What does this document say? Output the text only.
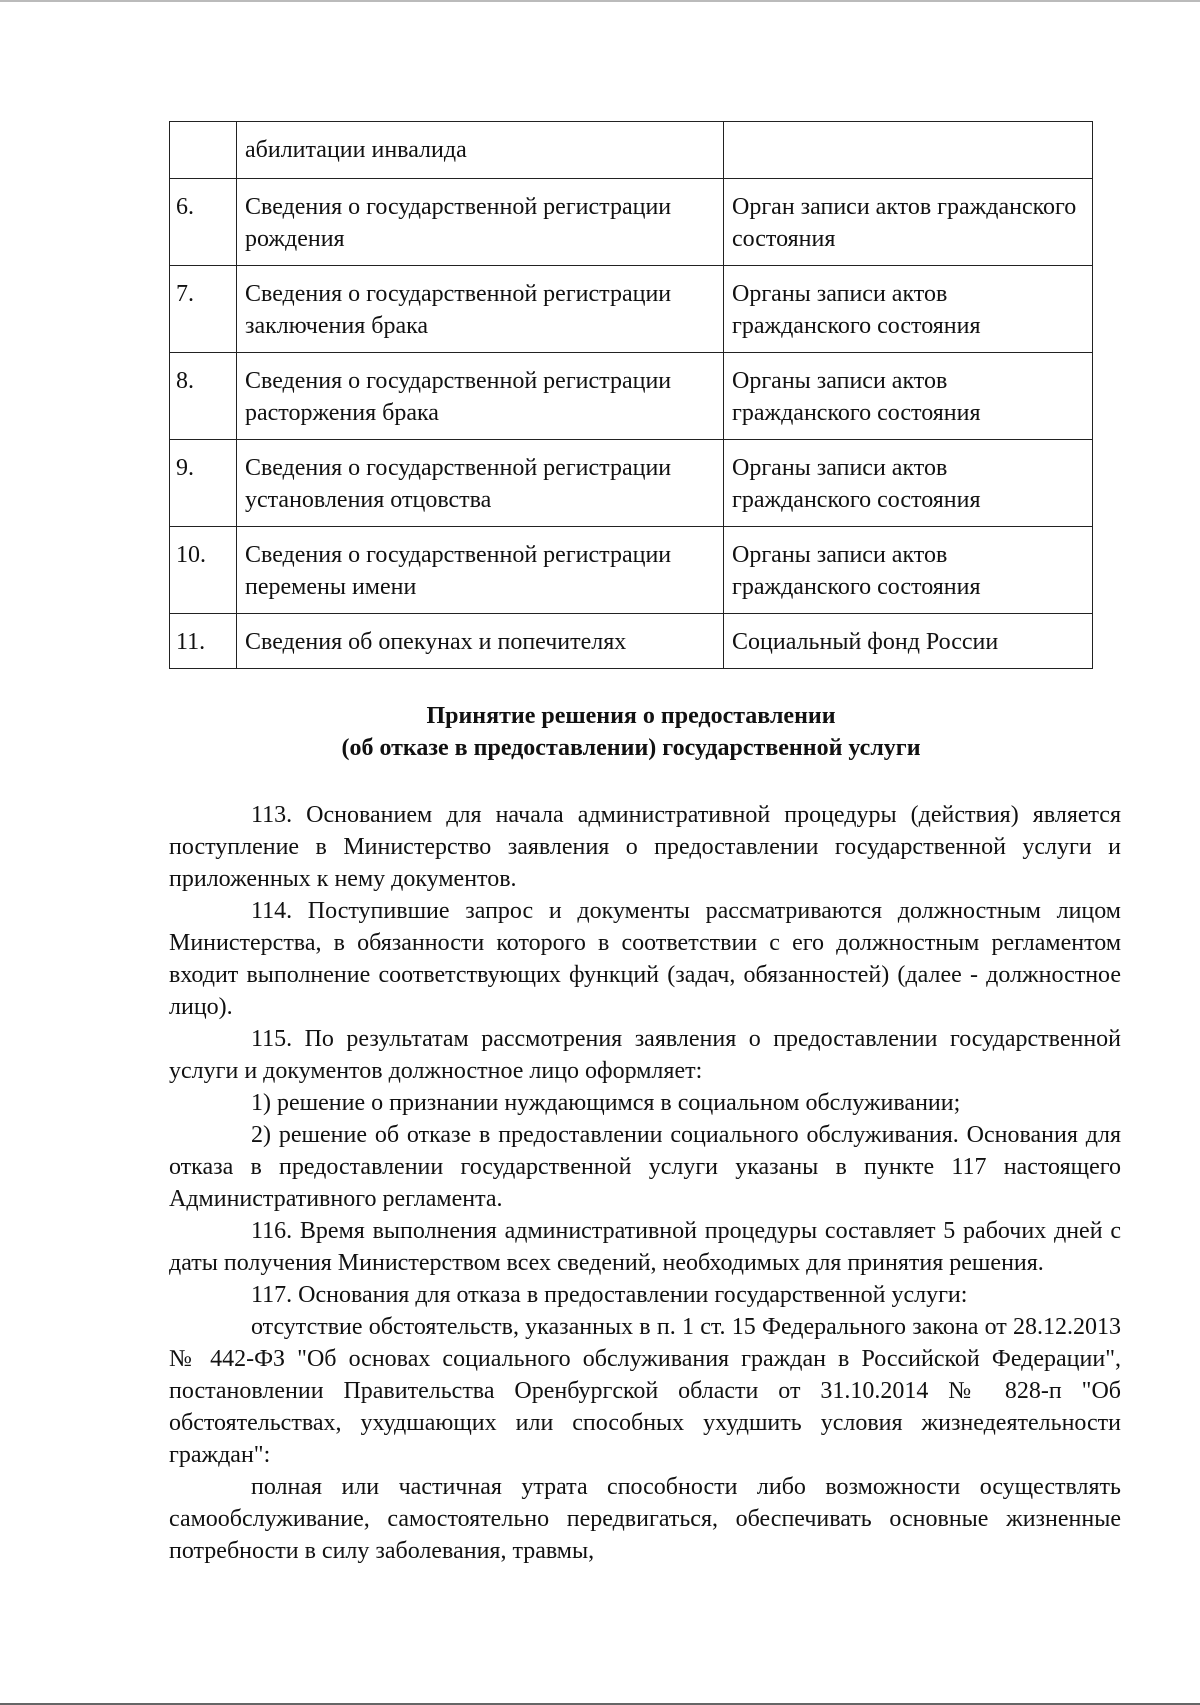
	абилитации инвалида	
6.	Сведения о государственной регистрации рождения	Орган записи актов гражданского состояния
7.	Сведения о государственной регистрации заключения брака	Органы записи актов гражданского состояния
8.	Сведения о государственной регистрации расторжения брака	Органы записи актов гражданского состояния
9.	Сведения о государственной регистрации установления отцовства	Органы записи актов гражданского состояния
10.	Сведения о государственной регистрации перемены имени	Органы записи актов гражданского состояния
11.	Сведения об опекунах и попечителях	Социальный фонд России
Принятие решения о предоставлении
(об отказе в предоставлении) государственной услуги

113. Основанием для начала административной процедуры (действия) является поступление в Министерство заявления о предоставлении государственной услуги и приложенных к нему документов.

114. Поступившие запрос и документы рассматриваются должностным лицом Министерства, в обязанности которого в соответствии с его должностным регламентом входит выполнение соответствующих функций (задач, обязанностей) (далее - должностное лицо).

115. По результатам рассмотрения заявления о предоставлении государственной услуги и документов должностное лицо оформляет:

1) решение о признании нуждающимся в социальном обслуживании;

2) решение об отказе в предоставлении социального обслуживания. Основания для отказа в предоставлении государственной услуги указаны в пункте 117 настоящего Административного регламента.

116. Время выполнения административной процедуры составляет 5 рабочих дней с даты получения Министерством всех сведений, необходимых для принятия решения.

117. Основания для отказа в предоставлении государственной услуги:

отсутствие обстоятельств, указанных в п. 1 ст. 15 Федерального закона от 28.12.2013 № 442-ФЗ "Об основах социального обслуживания граждан в Российской Федерации", постановлении Правительства Оренбургской области от 31.10.2014 № 828-п "Об обстоятельствах, ухудшающих или способных ухудшить условия жизнедеятельности граждан":

полная или частичная утрата способности либо возможности осуществлять самообслуживание, самостоятельно передвигаться, обеспечивать основные жизненные потребности в силу заболевания, травмы,
